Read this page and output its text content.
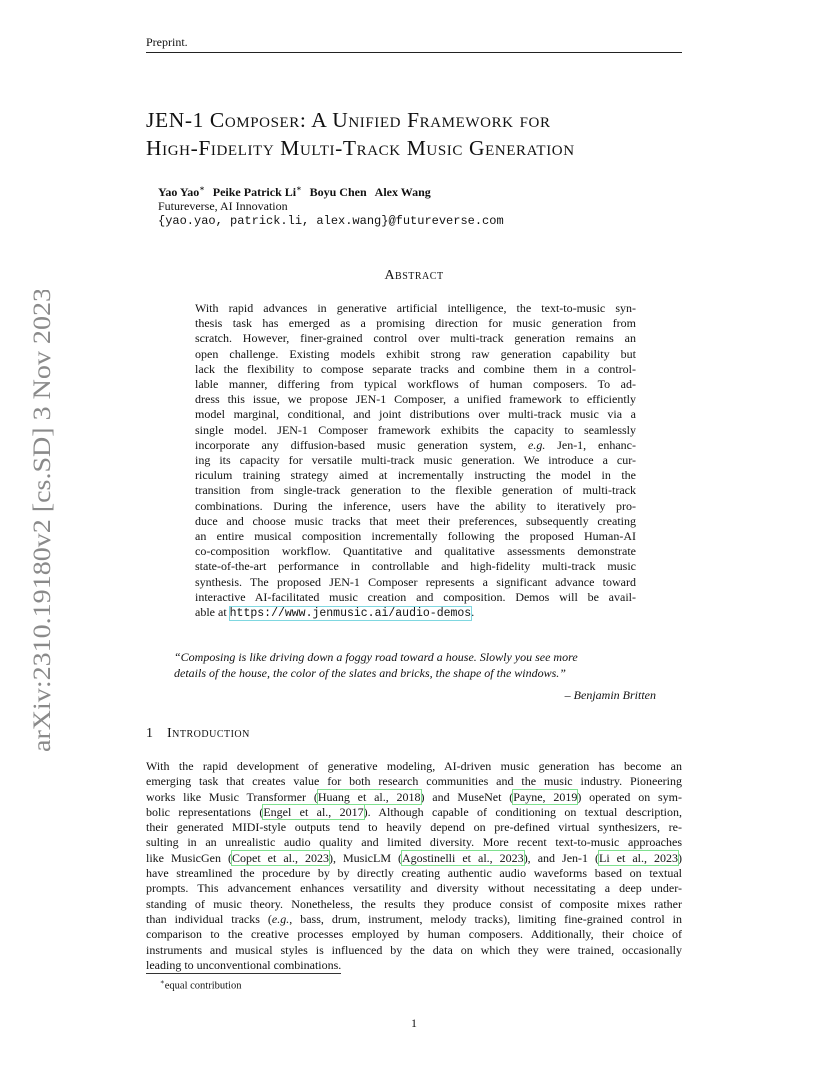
Preprint.
arXiv:2310.19180v2 [cs.SD] 3 Nov 2023
JEN-1 Composer: A Unified Framework for
High-Fidelity Multi-Track Music Generation
Yao Yao∗ Peike Patrick Li∗ Boyu Chen Alex Wang
Futureverse, AI Innovation
{yao.yao, patrick.li, alex.wang}@futureverse.com
Abstract
With rapid advances in generative artificial intelligence, the text-to-music syn-
thesis task has emerged as a promising direction for music generation from
scratch. However, finer-grained control over multi-track generation remains an
open challenge. Existing models exhibit strong raw generation capability but
lack the flexibility to compose separate tracks and combine them in a control-
lable manner, differing from typical workflows of human composers. To ad-
dress this issue, we propose JEN-1 Composer, a unified framework to efficiently
model marginal, conditional, and joint distributions over multi-track music via a
single model. JEN-1 Composer framework exhibits the capacity to seamlessly
incorporate any diffusion-based music generation system, e.g. Jen-1, enhanc-
ing its capacity for versatile multi-track music generation. We introduce a cur-
riculum training strategy aimed at incrementally instructing the model in the
transition from single-track generation to the flexible generation of multi-track
combinations. During the inference, users have the ability to iteratively pro-
duce and choose music tracks that meet their preferences, subsequently creating
an entire musical composition incrementally following the proposed Human-AI
co-composition workflow. Quantitative and qualitative assessments demonstrate
state-of-the-art performance in controllable and high-fidelity multi-track music
synthesis. The proposed JEN-1 Composer represents a significant advance toward
interactive AI-facilitated music creation and composition. Demos will be avail-
able at https://www.jenmusic.ai/audio-demos.
“Composing is like driving down a foggy road toward a house. Slowly you see more
details of the house, the color of the slates and bricks, the shape of the windows.”
– Benjamin Britten
1 Introduction
With the rapid development of generative modeling, AI-driven music generation has become an
emerging task that creates value for both research communities and the music industry. Pioneering
works like Music Transformer (Huang et al., 2018) and MuseNet (Payne, 2019) operated on sym-
bolic representations (Engel et al., 2017). Although capable of conditioning on textual description,
their generated MIDI-style outputs tend to heavily depend on pre-defined virtual synthesizers, re-
sulting in an unrealistic audio quality and limited diversity. More recent text-to-music approaches
like MusicGen (Copet et al., 2023), MusicLM (Agostinelli et al., 2023), and Jen-1 (Li et al., 2023)
have streamlined the procedure by by directly creating authentic audio waveforms based on textual
prompts. This advancement enhances versatility and diversity without necessitating a deep under-
standing of music theory. Nonetheless, the results they produce consist of composite mixes rather
than individual tracks (e.g., bass, drum, instrument, melody tracks), limiting fine-grained control in
comparison to the creative processes employed by human composers. Additionally, their choice of
instruments and musical styles is influenced by the data on which they were trained, occasionally
leading to unconventional combinations.
∗equal contribution
1
